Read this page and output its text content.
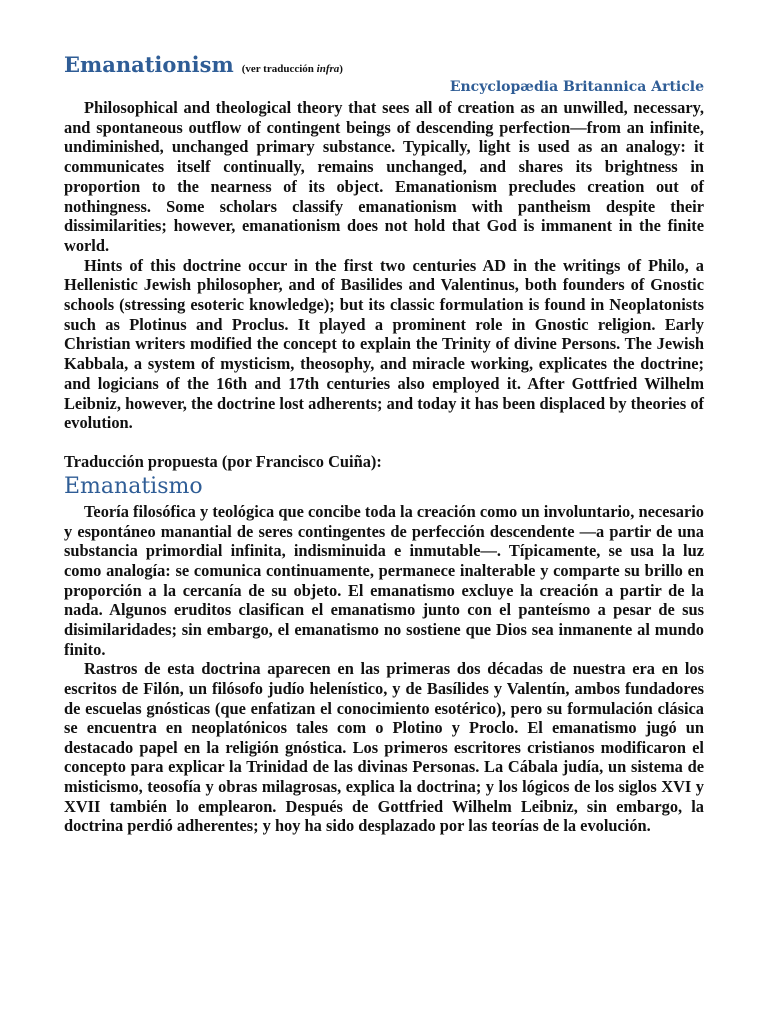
Emanationism (ver traducción infra)
Encyclopædia Britannica Article

Philosophical and theological theory that sees all of creation as an unwilled, necessary, and spontaneous outflow of contingent beings of descending perfection—from an infinite, undiminished, unchanged primary substance. Typically, light is used as an analogy: it communicates itself continually, remains unchanged, and shares its brightness in proportion to the nearness of its object. Emanationism precludes creation out of nothingness. Some scholars classify emanationism with pantheism despite their dissimilarities; however, emanationism does not hold that God is immanent in the finite world.

Hints of this doctrine occur in the first two centuries AD in the writings of Philo, a Hellenistic Jewish philosopher, and of Basilides and Valentinus, both founders of Gnostic schools (stressing esoteric knowledge); but its classic formulation is found in Neoplatonists such as Plotinus and Proclus. It played a prominent role in Gnostic religion. Early Christian writers modified the concept to explain the Trinity of divine Persons. The Jewish Kabbala, a system of mysticism, theosophy, and miracle working, explicates the doctrine; and logicians of the 16th and 17th centuries also employed it. After Gottfried Wilhelm Leibniz, however, the doctrine lost adherents; and today it has been displaced by theories of evolution.

Traducción propuesta (por Francisco Cuiña):
Emanatismo

Teoría filosófica y teológica que concibe toda la creación como un involuntario, necesario y espontáneo manantial de seres contingentes de perfección descendente —a partir de una substancia primordial infinita, indisminuida e inmutable—. Típicamente, se usa la luz como analogía: se comunica continuamente, permanece inalterable y comparte su brillo en proporción a la cercanía de su objeto. El emanatismo excluye la creación a partir de la nada. Algunos eruditos clasifican el emanatismo junto con el panteísmo a pesar de sus disimilaridades; sin embargo, el emanatismo no sostiene que Dios sea inmanente al mundo finito.

Rastros de esta doctrina aparecen en las primeras dos décadas de nuestra era en los escritos de Filón, un filósofo judío helenístico, y de Basílides y Valentín, ambos fundadores de escuelas gnósticas (que enfatizan el conocimiento esotérico), pero su formulación clásica se encuentra en neoplatónicos tales com o Plotino y Proclo. El emanatismo jugó un destacado papel en la religión gnóstica. Los primeros escritores cristianos modificaron el concepto para explicar la Trinidad de las divinas Personas. La Cábala judía, un sistema de misticismo, teosofía y obras milagrosas, explica la doctrina; y los lógicos de los siglos XVI y XVII también lo emplearon. Después de Gottfried Wilhelm Leibniz, sin embargo, la doctrina perdió adherentes; y hoy ha sido desplazado por las teorías de la evolución.
